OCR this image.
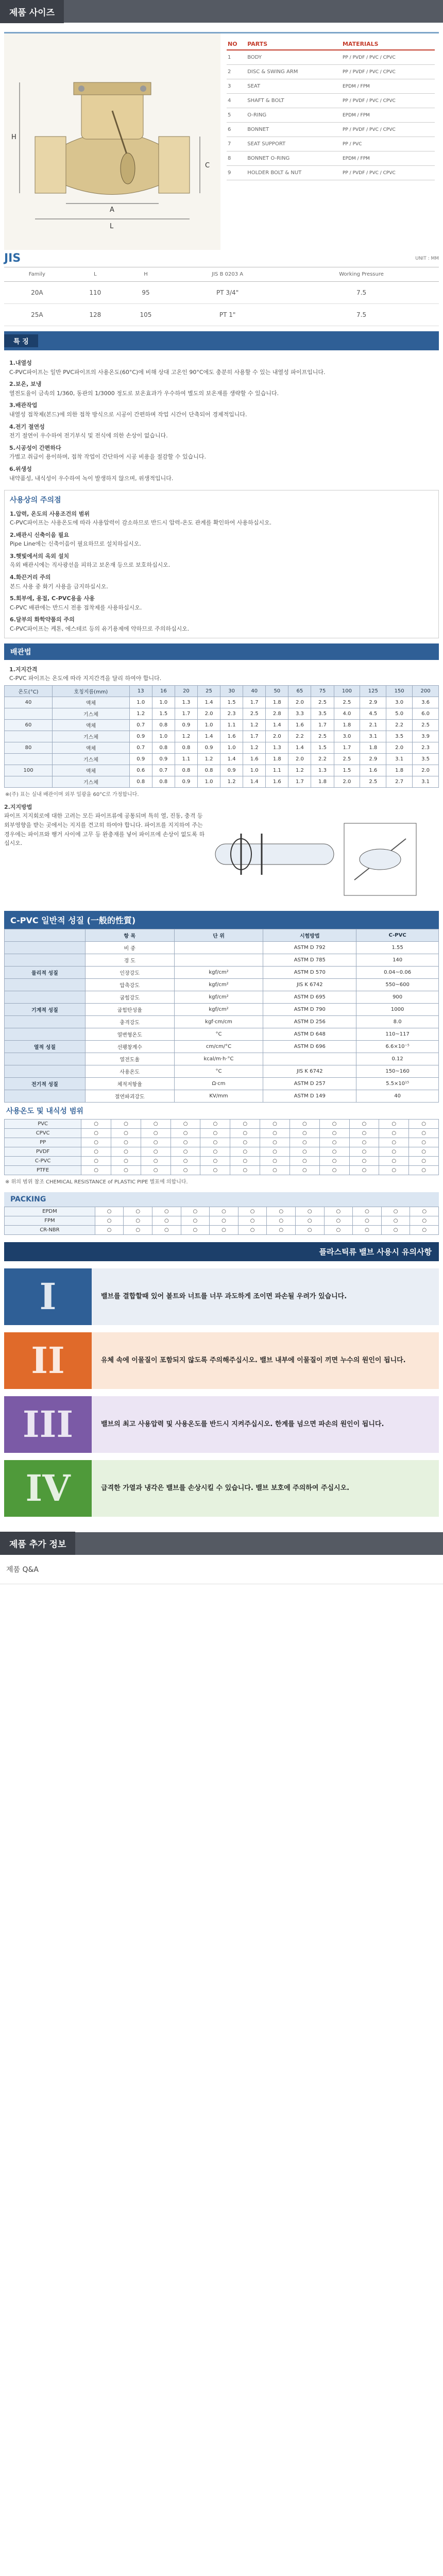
제품 사이즈
H
L
A
C
NO	PARTS	MATERIALS
1	BODY	PP / PVDF / PVC / CPVC
2	DISC & SWING ARM	PP / PVDF / PVC / CPVC
3	SEAT	EPDM / FPM
4	SHAFT & BOLT	PP / PVDF / PVC / CPVC
5	O-RING	EPDM / FPM
6	BONNET	PP / PVDF / PVC / CPVC
7	SEAT SUPPORT	PP / PVC
8	BONNET O-RING	EPDM / FPM
9	HOLDER BOLT & NUT	PP / PVDF / PVC / CPVC
JIS	UNIT : MM
Family	L	H	JIS B 0203 A	Working Pressure
20A	110	95	PT 3/4"	7.5
25A	128	105	PT 1"	7.5
특 징
1.내열성
C-PVC파이프는 일반 PVC파이프의 사용온도(60°C)에 비해 상대 고온인 90°C에도 충분히 사용할 수 있는 내열성 파이프입니다.
2.보온, 보냉
열전도율이 금속의 1/360, 동관의 1/3000 정도로 보온효과가 우수하여 별도의 보온재를 생략할 수 있습니다.
3.배관작업
내열성 접착제(본드)에 의한 접착 방식으로 시공이 간편하며 작업 시간이 단축되어 경제적입니다.
4.전기 절연성
전기 절연이 우수하여 전기부식 및 전식에 의한 손상이 없습니다.
5.시공성이 간편하다
가볍고 취급이 용이하며, 접착 작업이 간단하여 시공 비용을 절감할 수 있습니다.
6.위생성
내약품성, 내식성이 우수하여 녹이 발생하지 않으며, 위생적입니다.
사용상의 주의점
1.압력, 온도의 사용조건의 범위
C-PVC파이프는 사용온도에 따라 사용압력이 감소하므로 반드시 압력-온도 관계를 확인하여 사용하십시오.
2.배관시 신축이음 필요
Pipe Line에는 신축이음이 필요하므로 설치하십시오.
3.햇빛에서의 옥외 설치
옥외 배관시에는 직사광선을 피하고 보온재 등으로 보호하십시오.
4.화끈거리 주의
본드 사용 중 화기 사용을 금지하십시오.
5.회부에, 용접, C-PVC용을 사용
C-PVC 배관에는 반드시 전용 접착제를 사용하십시오.
6.달부의 화학약품의 주의
C-PVC파이프는 케톤, 에스테르 등의 유기용제에 약하므로 주의하십시오.
배관법
1.지지간격
C-PVC 파이프는 온도에 따라 지지간격을 달리 하여야 합니다.
온도(°C)	호칭지름(mm)	13	16	20	25	30	40	50	65	75	100	125	150	200
40	액체	1.0	1.0	1.3	1.4	1.5	1.7	1.8	2.0	2.5	2.5	2.9	3.0	3.6
	기스체	1.2	1.5	1.7	2.0	2.3	2.5	2.8	3.3	3.5	4.0	4.5	5.0	6.0
60	액체	0.7	0.8	0.9	1.0	1.1	1.2	1.4	1.6	1.7	1.8	2.1	2.2	2.5
	기스체	0.9	1.0	1.2	1.4	1.6	1.7	2.0	2.2	2.5	3.0	3.1	3.5	3.9
80	액체	0.7	0.8	0.8	0.9	1.0	1.2	1.3	1.4	1.5	1.7	1.8	2.0	2.3
	기스체	0.9	0.9	1.1	1.2	1.4	1.6	1.8	2.0	2.2	2.5	2.9	3.1	3.5
100	액체	0.6	0.7	0.8	0.8	0.9	1.0	1.1	1.2	1.3	1.5	1.6	1.8	2.0
	기스체	0.8	0.8	0.9	1.0	1.2	1.4	1.6	1.7	1.8	2.0	2.5	2.7	3.1
※(주) 표는 실내 배관이며 외부 일광을 60°C로 가정합니다.
2.지지방법
파이프 지지회로에 대한 고려는 모든 파이프류에 공통되며 특히 열, 진동, 충격 등 외부영향을 받는 곳에서는 지지를 견고히 하여야 합니다. 파이프를 지지하여 주는 경우에는 파이프와 행거 사이에 고무 등 완충재를 넣어 파이프에 손상이 없도록 하십시오.
C-PVC 일반적 성질 (一般的性質)
	항 목	단 위	시험방법	C-PVC
	비 중		ASTM D 792	1.55
	경 도		ASTM D 785	140
물리적 성질	인장강도	kgf/cm²	ASTM D 570	0.04~0.06
	압축강도	kgf/cm²	JIS K 6742	550~600
	굽힘강도	kgf/cm²	ASTM D 695	900
기계적 성질	굽힘탄성율	kgf/cm²	ASTM D 790	1000
	충격강도	kgf·cm/cm	ASTM D 256	8.0
	열변형온도	°C	ASTM D 648	110~117
열적 성질	선팽창계수	cm/cm/°C	ASTM D 696	6.6×10⁻⁵
	열전도율	kcal/m·h·°C		0.12
	사용온도	°C	JIS K 6742	150~160
전기적 성질	체적저항율	Ω·cm	ASTM D 257	5.5×10¹⁵
	절연파괴강도	KV/mm	ASTM D 149	40
사용온도 및 내식성 범위
PVC	○	○	○	○	○	○	○	○	○	○	○	○
CPVC	○	○	○	○	○	○	○	○	○	○	○	○
PP	○	○	○	○	○	○	○	○	○	○	○	○
PVDF	○	○	○	○	○	○	○	○	○	○	○	○
C-PVC	○	○	○	○	○	○	○	○	○	○	○	○
PTFE	○	○	○	○	○	○	○	○	○	○	○	○
※ 위의 범위 참조 CHEMICAL RESISTANCE of PLASTIC PIPE 별표에 의합니다.
PACKING
EPDM	○	○	○	○	○	○	○	○	○	○	○	○
FPM	○	○	○	○	○	○	○	○	○	○	○	○
CR-NBR	○	○	○	○	○	○	○	○	○	○	○	○
플라스틱류 밸브 사용시 유의사항
I	밸브를 결합할때 있어 볼트와 너트를 너무 과도하게 조이면 파손될 우려가 있습니다.
II	유체 속에 이물질이 포함되지 않도록 주의해주십시오. 밸브 내부에 이물질이 끼면 누수의 원인이 됩니다.
III	밸브의 최고 사용압력 및 사용온도를 반드시 지켜주십시오. 한계를 넘으면 파손의 원인이 됩니다.
IV	급격한 가열과 냉각은 밸브를 손상시킬 수 있습니다. 밸브 보호에 주의하여 주십시오.
제품 추가 정보
제품 Q&A
